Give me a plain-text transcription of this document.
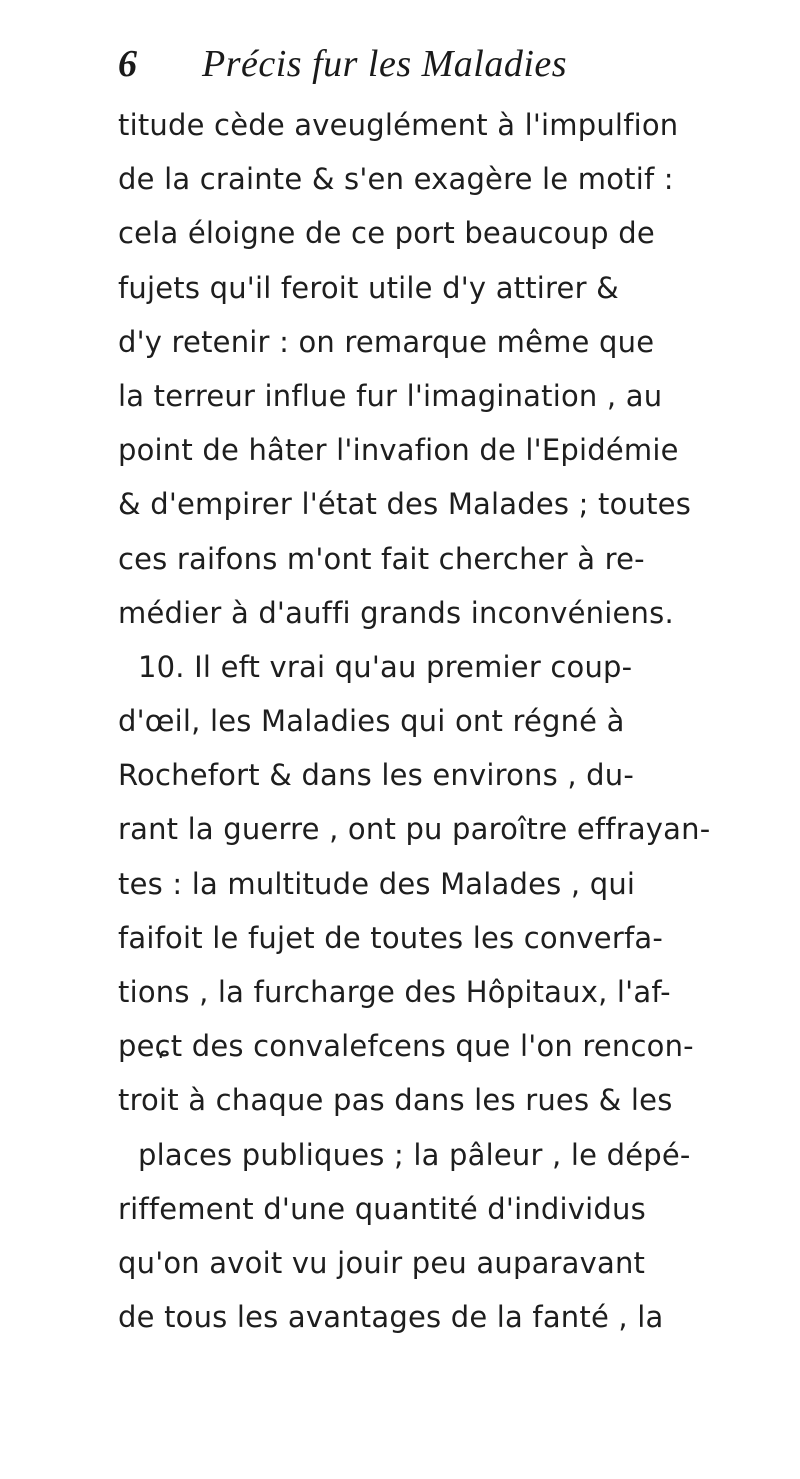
6 Précis fur les Maladies
titude cède aveuglément à l'impulfion
de la crainte & s'en exagère le motif :
cela éloigne de ce port beaucoup de
fujets qu'il feroit utile d'y attirer &
d'y retenir : on remarque même que
la terreur influe fur l'imagination , au
point de hâter l'invafion de l'Epidémie
& d'empirer l'état des Malades ; toutes
ces raifons m'ont fait chercher à re-
médier à d'auffi grands inconvéniens.
10. Il eft vrai qu'au premier coup-
d'œil, les Maladies qui ont régné à
Rochefort & dans les environs , du-
rant la guerre , ont pu paroître effrayan-
tes : la multitude des Malades , qui
faifoit le fujet de toutes les converfa-
tions , la furcharge des Hôpitaux, l'af-
peɕt des convalefcens que l'on rencon-
troit à chaque pas dans les rues & les
places publiques ; la pâleur , le dépé-
riffement d'une quantité d'individus
qu'on avoit vu jouir peu auparavant
de tous les avantages de la fanté , la
